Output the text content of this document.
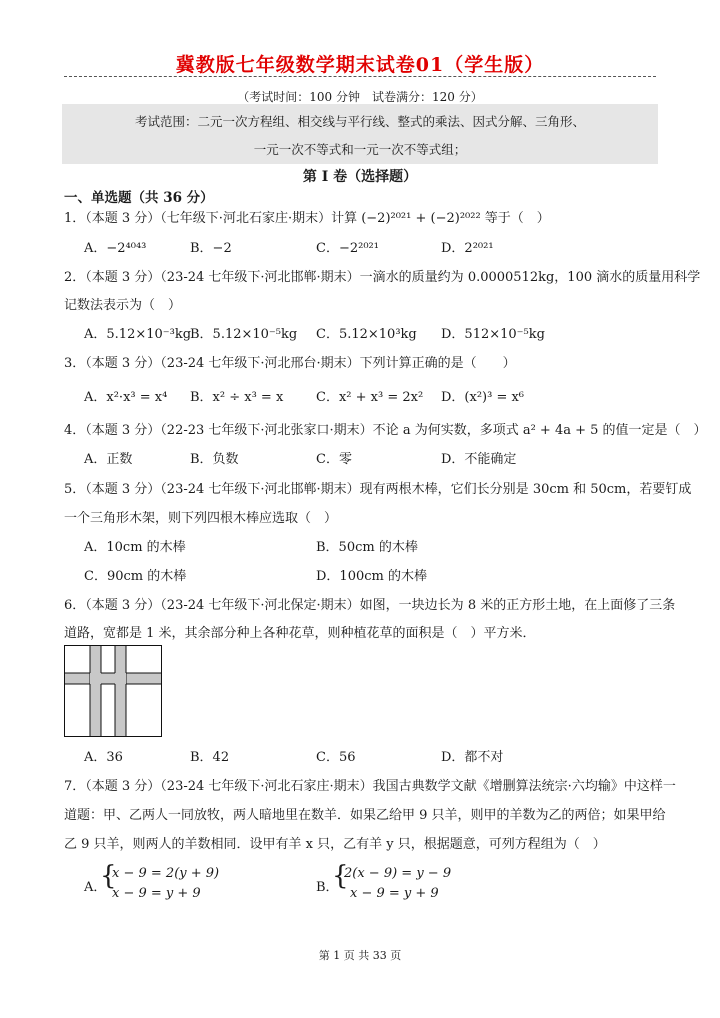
冀教版七年级数学期末试卷01（学生版）
（考试时间：100 分钟　试卷满分：120 分）
考试范围：二元一次方程组、相交线与平行线、整式的乘法、因式分解、三角形、
一元一次不等式和一元一次不等式组；
第 I 卷（选择题）
一、单选题（共 36 分）
1．（本题 3 分）（七年级下·河北石家庄·期末）计算 (−2)²⁰²¹ + (−2)²⁰²² 等于（　）
A．−2⁴⁰⁴³	B．−2	C．−2²⁰²¹	D．2²⁰²¹
2．（本题 3 分）（23-24 七年级下·河北邯郸·期末）一滴水的质量约为 0.0000512kg，100 滴水的质量用科学
记数法表示为（　）
A．5.12×10⁻³kg
B．5.12×10⁻⁵kg C．5.12×10³kg D．512×10⁻⁵kg
3．（本题 3 分）（23-24 七年级下·河北邢台·期末）下列计算正确的是（　　）
A．x²·x³ = x⁴ B．x² ÷ x³ = x	C．x² + x³ = 2x² D．(x²)³ = x⁶
4．（本题 3 分）（22-23 七年级下·河北张家口·期末）不论 a 为何实数，多项式 a² + 4a + 5 的值一定是（　）
A．正数	B．负数	C．零	D．不能确定
5．（本题 3 分）（23-24 七年级下·河北邯郸·期末）现有两根木棒，它们长分别是 30cm 和 50cm，若要钉成
一个三角形木架，则下列四根木棒应选取（　）
A．10cm 的木棒	B．50cm 的木棒
C．90cm 的木棒	D．100cm 的木棒
6．（本题 3 分）（23-24 七年级下·河北保定·期末）如图，一块边长为 8 米的正方形土地，在上面修了三条
道路，宽都是 1 米，其余部分种上各种花草，则种植花草的面积是（　）平方米．
A．36	B．42	C．56	D．都不对
7．（本题 3 分）（23-24 七年级下·河北石家庄·期末）我国古典数学文献《增删算法统宗·六均输》中这样一
道题：甲、乙两人一同放牧，两人暗地里在数羊．如果乙给甲 9 只羊，则甲的羊数为乙的两倍；如果甲给
乙 9 只羊，则两人的羊数相同．设甲有羊 x 只，乙有羊 y 只，根据题意，可列方程组为（　）
A．
{
x − 9 = 2(y + 9)
x − 9 = y + 9	B．
{
2(x − 9) = y − 9
x − 9 = y + 9
第 1 页 共 33 页
